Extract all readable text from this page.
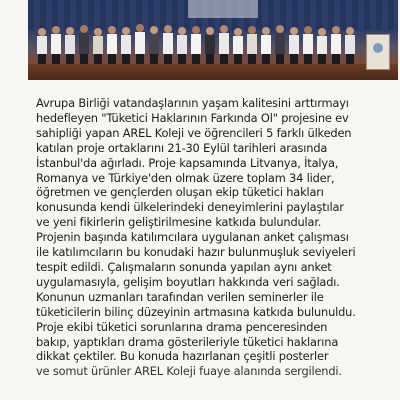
Avrupa Birliği vatandaşlarının yaşam kalitesini arttırmayı
hedefleyen "Tüketici Haklarının Farkında Ol" projesine ev
sahipliği yapan AREL Koleji ve öğrencileri 5 farklı ülkeden
katılan proje ortaklarını 21-30 Eylül tarihleri arasında
İstanbul'da ağırladı. Proje kapsamında Litvanya, İtalya,
Romanya ve Türkiye'den olmak üzere toplam 34 lider,
öğretmen ve gençlerden oluşan ekip tüketici hakları
konusunda kendi ülkelerindeki deneyimlerini paylaştılar
ve yeni fikirlerin geliştirilmesine katkıda bulundular.
Projenin başında katılımcılara uygulanan anket çalışması
ile katılımcıların bu konudaki hazır bulunmuşluk seviyeleri
tespit edildi. Çalışmaların sonunda yapılan aynı anket
uygulamasıyla, gelişim boyutları hakkında veri sağladı.
Konunun uzmanları tarafından verilen seminerler ile
tüketicilerin bilinç düzeyinin artmasına katkıda bulunuldu.
Proje ekibi tüketici sorunlarına drama penceresinden
bakıp, yaptıkları drama gösterileriyle tüketici haklarına
dikkat çektiler. Bu konuda hazırlanan çeşitli posterler
ve somut ürünler AREL Koleji fuaye alanında sergilendi.
